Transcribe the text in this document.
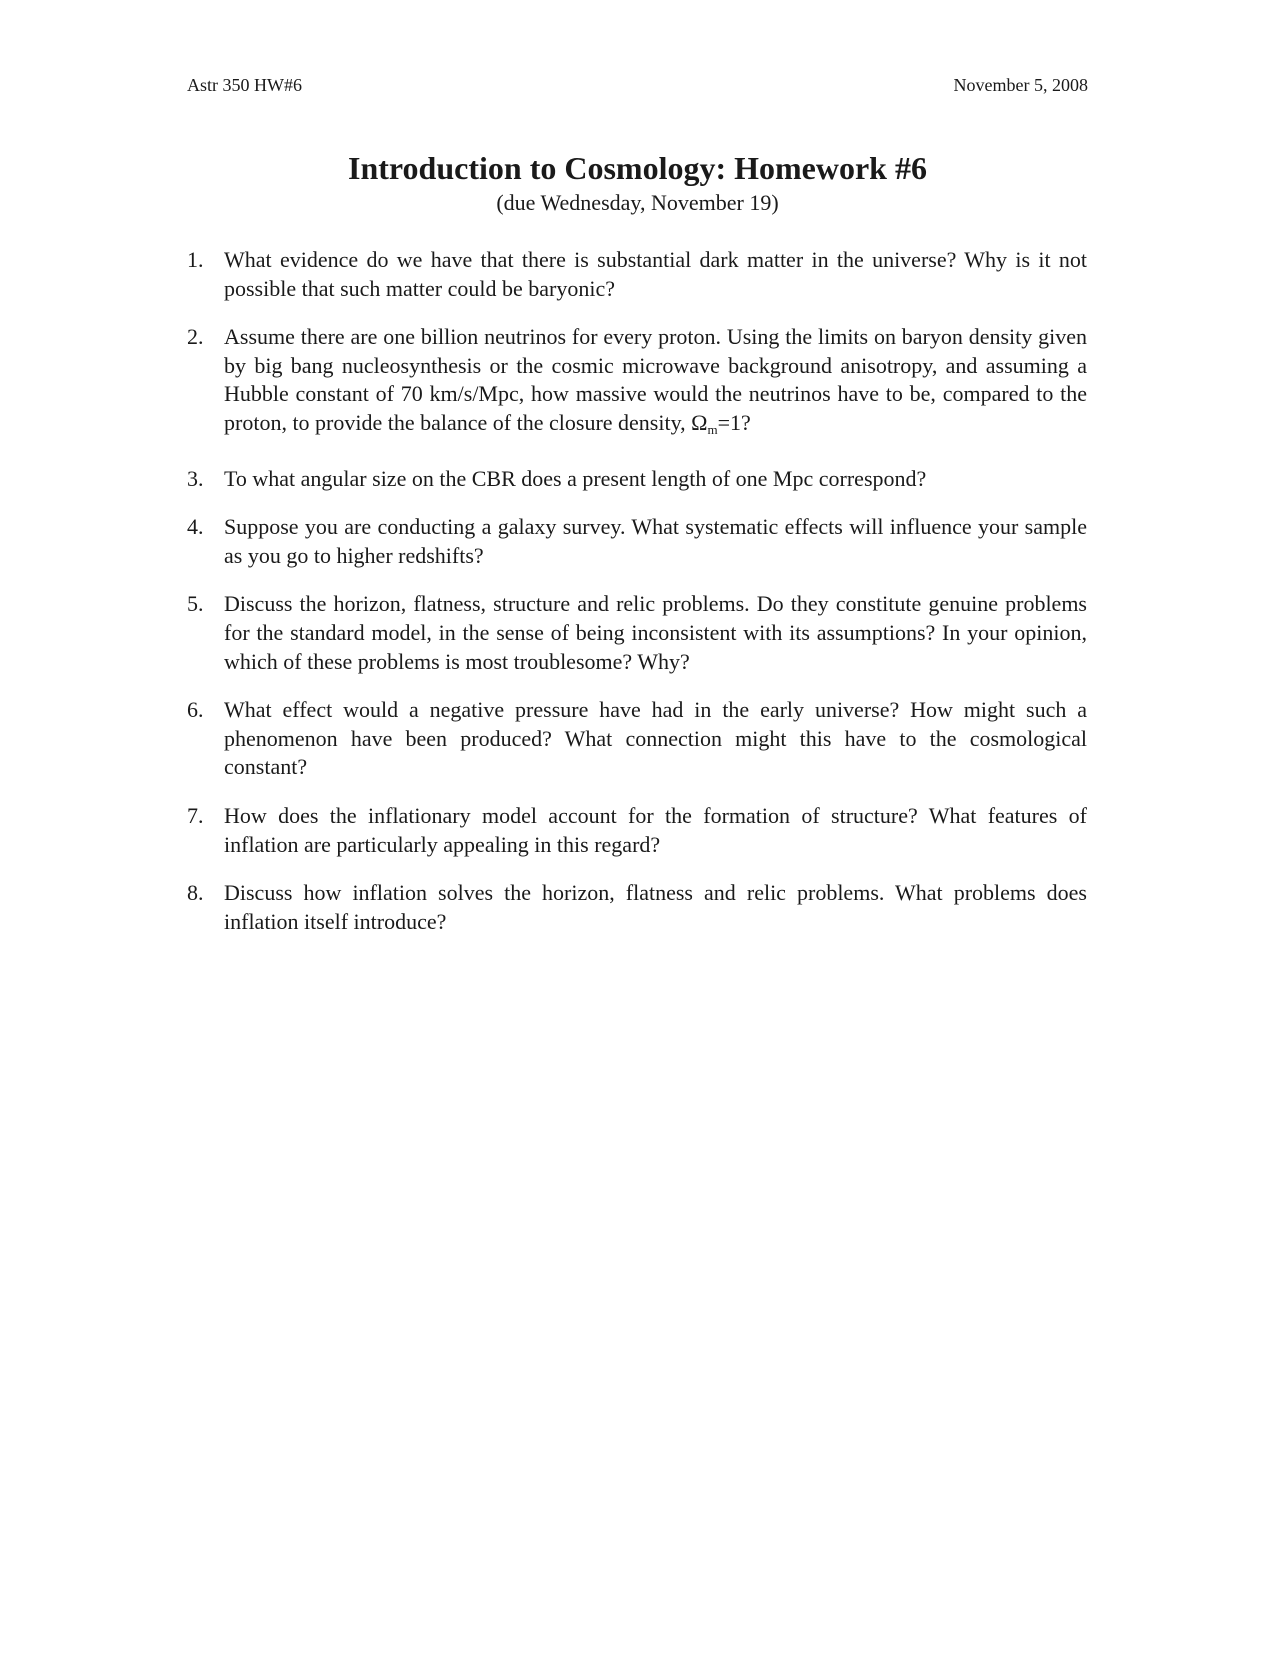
Astr 350 HW#6	November 5, 2008
Introduction to Cosmology: Homework #6

(due Wednesday, November 19)

1. What evidence do we have that there is substantial dark matter in the universe? Why is it not possible that such matter could be baryonic?
2. Assume there are one billion neutrinos for every proton. Using the limits on baryon density given by big bang nucleosynthesis or the cosmic microwave background anisotropy, and assuming a Hubble constant of 70 km/s/Mpc, how massive would the neutrinos have to be, compared to the proton, to provide the balance of the closure density, Ωm=1?
3. To what angular size on the CBR does a present length of one Mpc correspond?
4. Suppose you are conducting a galaxy survey. What systematic effects will influence your sample as you go to higher redshifts?
5. Discuss the horizon, flatness, structure and relic problems. Do they constitute genuine problems for the standard model, in the sense of being inconsistent with its assumptions? In your opinion, which of these problems is most troublesome? Why?
6. What effect would a negative pressure have had in the early universe? How might such a phenomenon have been produced? What connection might this have to the cosmological constant?
7. How does the inflationary model account for the formation of structure? What features of inflation are particularly appealing in this regard?
8. Discuss how inflation solves the horizon, flatness and relic problems. What problems does inflation itself introduce?
